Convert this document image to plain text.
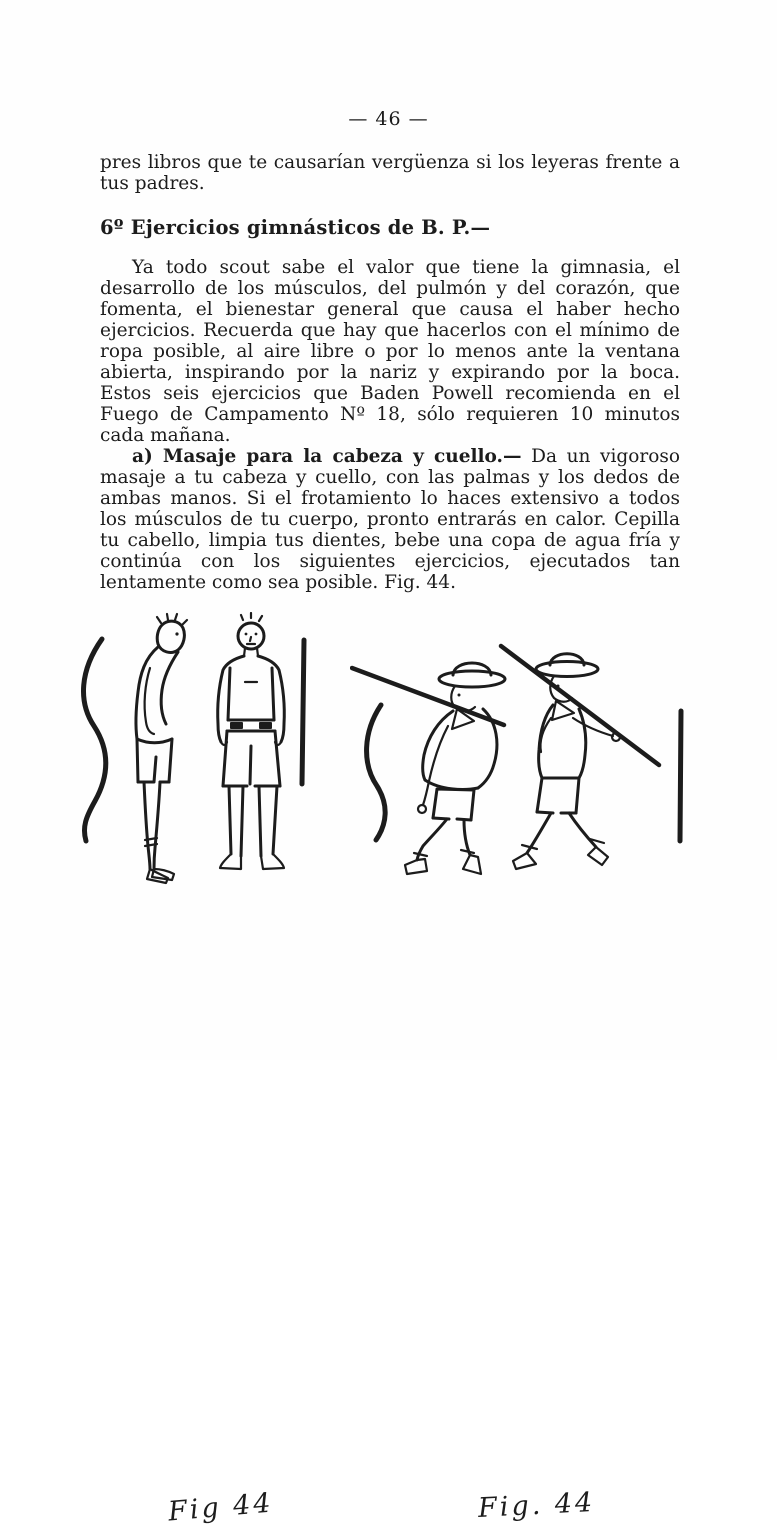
— 46 —

pres libros que te causarían vergüenza si los leyeras frente a tus padres.

6º Ejercicios gimnásticos de B. P.—

Ya todo scout sabe el valor que tiene la gimnasia, el desarrollo de los músculos, del pulmón y del corazón, que fomenta, el bienestar general que causa el haber hecho ejercicios. Recuerda que hay que hacerlos con el mínimo de ropa posible, al aire libre o por lo menos ante la ventana abierta, inspirando por la nariz y expirando por la boca. Estos seis ejercicios que Baden Powell recomienda en el Fuego de Campamento Nº 18, sólo requieren 10 minutos cada mañana.

a) Masaje para la cabeza y cuello.— Da un vigoroso masaje a tu cabeza y cuello, con las palmas y los dedos de ambas manos. Si el frotamiento lo haces extensivo a todos los músculos de tu cuerpo, pronto entrarás en calor. Cepilla tu cabello, limpia tus dientes, bebe una copa de agua fría y continúa con los siguientes ejercicios, ejecutados tan lentamente como sea posible. Fig. 44.

Fig 44	Fig. 44
